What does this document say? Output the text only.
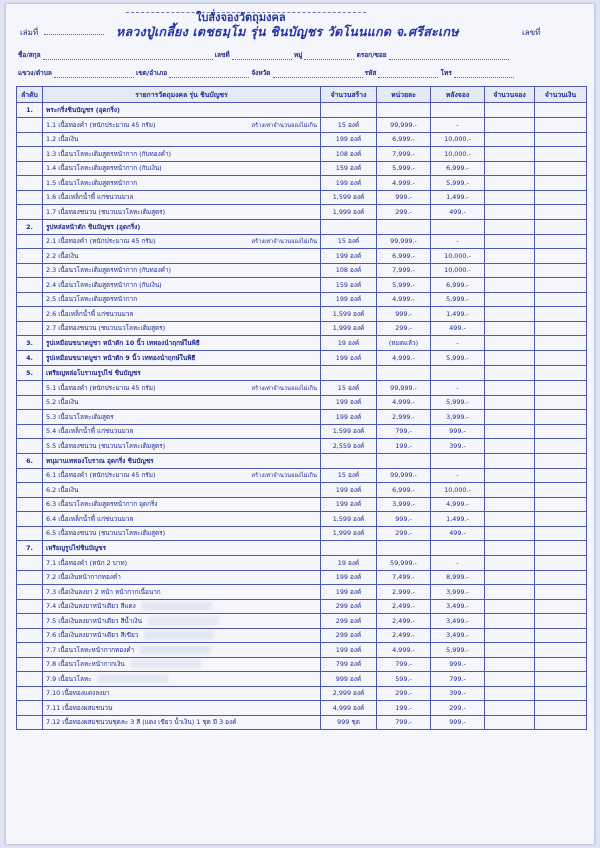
ใบสั่งจองวัตถุมงคล
เล่มที่	หลวงปู่เกลี้ยง เตชธมฺโม รุ่น ชินบัญชร วัดโนนแกด จ.ศรีสะเกษ	เลขที่
ชื่อ/สกุล	เลขที่	หมู่	ตรอก/ซอย
แขวง/ตำบล	เขต/อำเภอ	จังหวัด	รหัส	โทร
ลำดับ	รายการวัตถุมงคล รุ่น ชินบัญชร	จำนวนสร้าง	หน่วยละ	หลังจอง	จำนวนจอง	จำนวนเงิน
1.	พระกริ่งชินบัญชร (อุดกริ่ง)					
	1.1 เนื้อทองคำ (หนักประมาณ 45 กรัม) สร้างเท่าจำนวนจองไม่เกิน	15 องค์	99,999.-	-		
	1.2 เนื้อเงิน	199 องค์	6,999.-	10,000.-		
	1.3 เนื้อนวโลหะเติมสูตรหน้ากาก (กับทองคำ)	108 องค์	7,999.-	10,000.-		
	1.4 เนื้อนวโลหะเติมสูตรหน้ากาก (กับเงิน)	159 องค์	5,999.-	6,999.-		
	1.5 เนื้อนวโลหะเติมสูตรหน้ากาก	199 องค์	4,999.-	5,999.-		
	1.6 เนื้อเหล็กน้ำพี้ แก่ชนวนมวล	1,599 องค์	999.-	1,499.-		
	1.7 เนื้อทองชนวน (ชนวนนวโลหะเติมสูตร)	1,999 องค์	299.-	499.-		
2.	รูปหล่อหน้าตัก ชินบัญชร (อุดกริ่ง)					
	2.1 เนื้อทองคำ (หนักประมาณ 45 กรัม) สร้างเท่าจำนวนจองไม่เกิน	15 องค์	99,999.-	-		
	2.2 เนื้อเงิน	199 องค์	6,999.-	10,000.-		
	2.3 เนื้อนวโลหะเติมสูตรหน้ากาก (กับทองคำ)	108 องค์	7,999.-	10,000.-		
	2.4 เนื้อนวโลหะเติมสูตรหน้ากาก (กับเงิน)	159 องค์	5,999.-	6,999.-		
	2.5 เนื้อนวโลหะเติมสูตรหน้ากาก	199 องค์	4,999.-	5,999.-		
	2.6 เนื้อเหล็กน้ำพี้ แก่ชนวนมวล	1,599 องค์	999.-	1,499.-		
	2.7 เนื้อทองชนวน (ชนวนนวโลหะเติมสูตร)	1,999 องค์	299.-	499.-		
3.	รูปเหมือนขนาดบูชา หน้าตัก 10 นิ้ว เททองนำฤกษ์ในพิธี	19 องค์	(หมดแล้ว)	-		
4.	รูปเหมือนขนาดบูชา หน้าตัก 9 นิ้ว เททองนำฤกษ์ในพิธี	199 องค์	4,999.-	5,999.-		
5.	เหรียญหล่อโบราณรูปไข่ ชินบัญชร					
	5.1 เนื้อทองคำ (หนักประมาณ 45 กรัม) สร้างเท่าจำนวนจองไม่เกิน	15 องค์	99,999.-	-		
	5.2 เนื้อเงิน	199 องค์	4,999.-	5,999.-		
	5.3 เนื้อนวโลหะเติมสูตร	199 องค์	2,999.-	3,999.-		
	5.4 เนื้อเหล็กน้ำพี้ แก่ชนวนมวล	1,599 องค์	799.-	999.-		
	5.5 เนื้อทองชนวน (ชนวนนวโลหะเติมสูตร)	2,559 องค์	199.-	399.-		
6.	หนุมานเททองโบราณ อุดกริ่ง ชินบัญชร					
	6.1 เนื้อทองคำ (หนักประมาณ 45 กรัม) สร้างเท่าจำนวนจองไม่เกิน	15 องค์	99,999.-	-		
	6.2 เนื้อเงิน	199 องค์	6,999.-	10,000.-		
	6.3 เนื้อนวโลหะเติมสูตรหน้ากาก อุดกริ่ง	199 องค์	3,999.-	4,999.-		
	6.4 เนื้อเหล็กน้ำพี้ แก่ชนวนมวล	1,599 องค์	999.-	1,499.-		
	6.5 เนื้อทองชนวน (ชนวนนวโลหะเติมสูตร)	1,999 องค์	299.-	499.-		
7.	เหรียญรูปไข่ชินบัญชร					
	7.1 เนื้อทองคำ (หนัก 2 บาท)	19 องค์	59,999.-	-		
	7.2 เนื้อเงินหน้ากากทองคำ	199 องค์	7,499.-	8,999.-		
	7.3 เนื้อเงินลงยา 2 หน้า หน้ากากเนื้อนาก	199 องค์	2,999.-	3,999.-		
	7.4 เนื้อเงินลงยาหน้าเดียว สีแดง	299 องค์	2,499.-	3,499.-		
	7.5 เนื้อเงินลงยาหน้าเดียว สีน้ำเงิน	299 องค์	2,499.-	3,499.-		
	7.6 เนื้อเงินลงยาหน้าเดียว สีเขียว	299 องค์	2,499.-	3,499.-		
	7.7 เนื้อนวโลหะหน้ากากทองคำ	199 องค์	4,999.-	5,999.-		
	7.8 เนื้อนวโลหะหน้ากากเงิน	799 องค์	799.-	999.-		
	7.9 เนื้อนวโลหะ	999 องค์	599.-	799.-		
	7.10 เนื้อทองแดงลงยา	2,999 องค์	299.-	399.-		
	7.11 เนื้อทองผสมชนวน	4,999 องค์	199.-	299.-		
	7.12 เนื้อทองผสมชนวนชุดละ 3 สี (แดง เขียว น้ำเงิน) 1 ชุด มี 3 องค์	999 ชุด	799.-	999.-		
